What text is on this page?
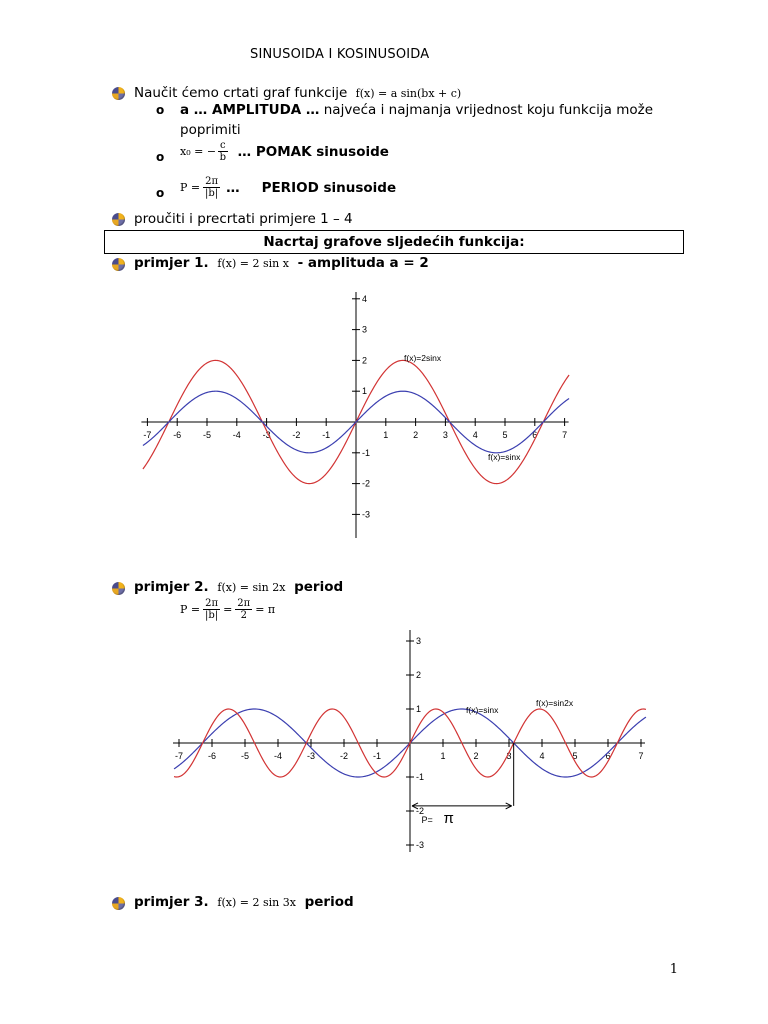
SINUSOIDA I KOSINUSOIDA
Naučit ćemo crtati graf funkcije f(x) = a sin(bx + c)
o a … AMPLITUDA … najveća i najmanja vrijednost koju funkcija može
poprimiti
o x₀ = − $\frac{c}{b}$ … POMAK sinusoide
o $P = \frac{2\pi}{|b|}$ … PERIOD sinusoide
proučiti i precrtati primjere 1 – 4
Nacrtaj grafove sljedećih funkcija:
primjer 1. f(x) = 2 sin x - amplituda a = 2
-7 -6 -5 -4 -3 -2 -1	1	2	3	4	5	6	7
4
3
2
1
-1
-2
-3
f(x)=2sinx
f(x)=sinx
primjer 2. f(x) = sin 2x period
$P = \frac{2\pi}{|b|} = \frac{2\pi}{2} = \pi$
-7	-6	-5	-4	-3	-2	-1	1	2	3	4	5	6	7
3
2
1
-1
-2
-3
f(x)=sinx
f(x)=sin2x
P= π
primjer 3. f(x) = 2 sin 3x period
1
